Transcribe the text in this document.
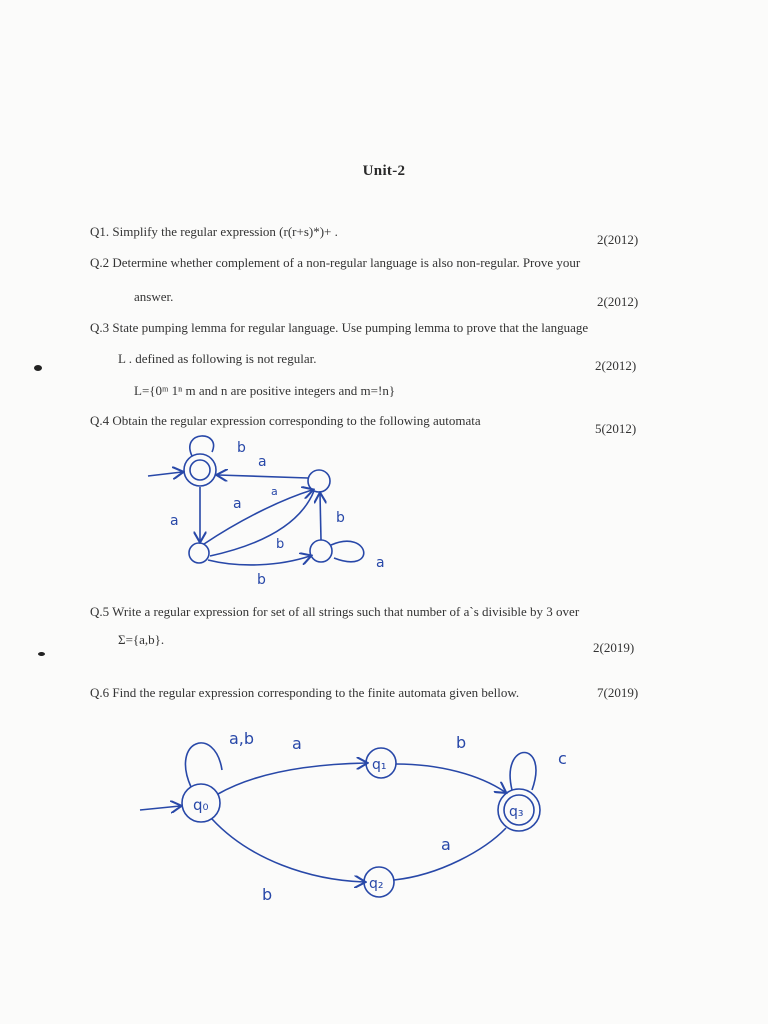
Unit-2
Q1. Simplify the regular expression (r(r+s)*)+ .
2(2012)
Q.2 Determine whether complement of a non-regular language is also non-regular. Prove your
answer.	2(2012)
Q.3 State pumping lemma for regular language. Use pumping lemma to prove that the language
L . defined as following is not regular.	2(2012)
L={0ᵐ 1ⁿ m and n are positive integers and m=!n}
Q.4 Obtain the regular expression corresponding to the following automata
5(2012)
b
a
a
a
a
b
b
b
a
Q.5 Write a regular expression for set of all strings such that number of a`s divisible by 3 over
Σ={a,b}.
2(2019)
Q.6 Find the regular expression corresponding to the finite automata given bellow.	7(2019)
q₀
q₁
q₂
q₃
a,b a	b
c
b
a
